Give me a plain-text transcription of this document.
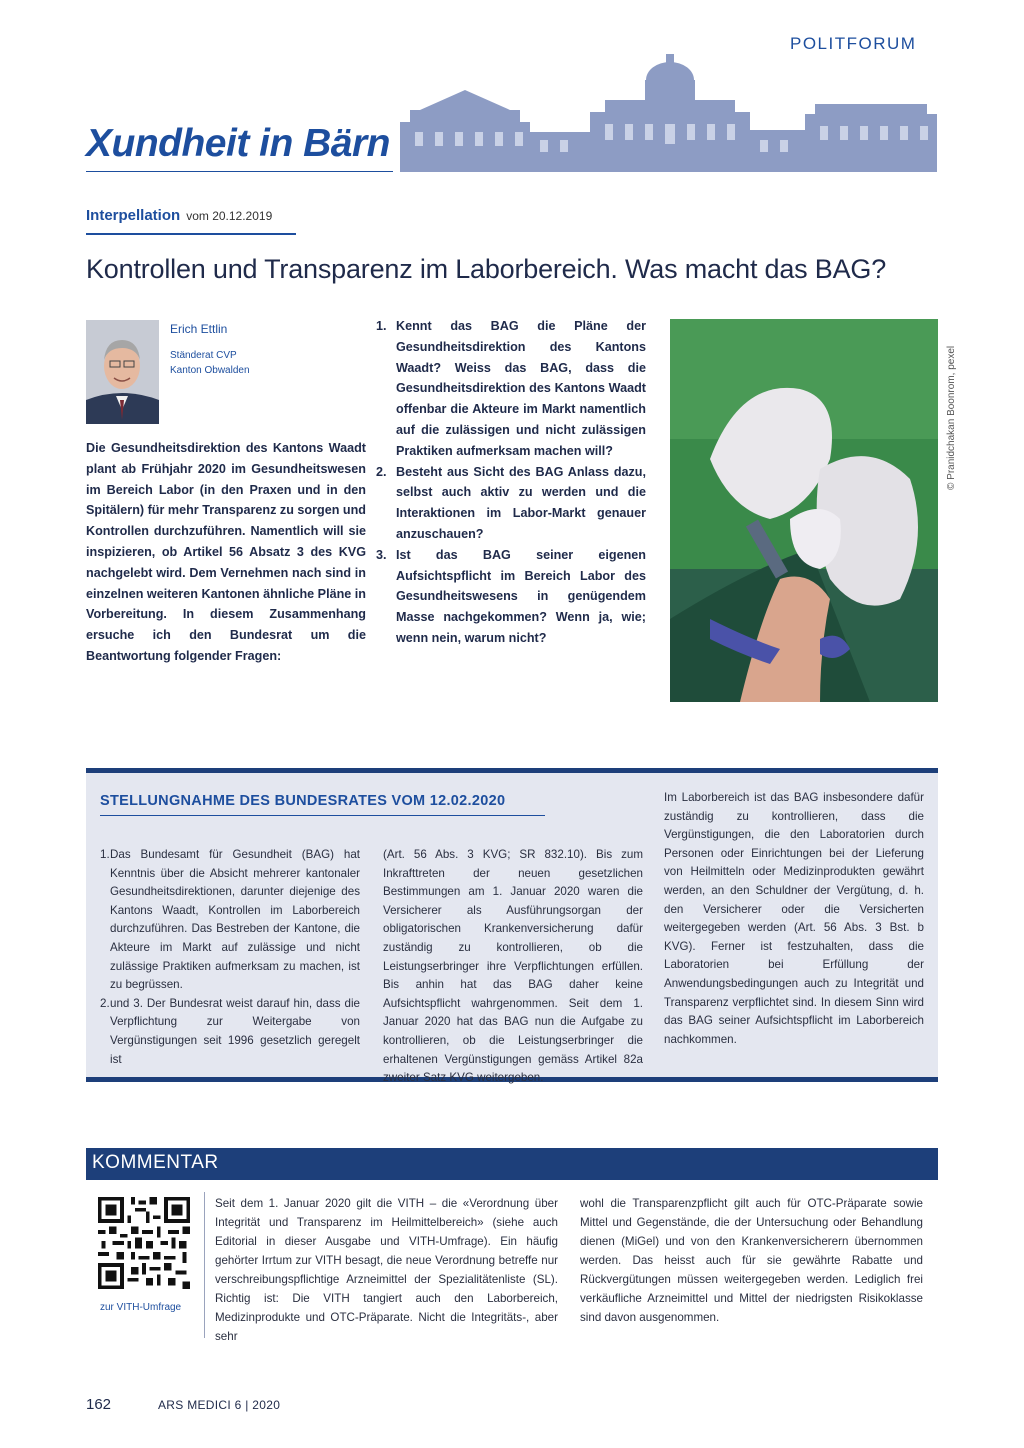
POLITFORUM
Xundheit in Bärn
Interpellation vom 20.12.2019
Kontrollen und Transparenz im Laborbereich. Was macht das BAG?
Erich Ettlin
Ständerat CVP
Kanton Obwalden

Die Gesundheitsdirektion des Kantons Waadt plant ab Frühjahr 2020 im Gesundheitswesen im Bereich Labor (in den Praxen und in den Spitälern) für mehr Transparenz zu sorgen und Kontrollen durchzuführen. Namentlich will sie inspizieren, ob Artikel 56 Absatz 3 des KVG nachgelebt wird. Dem Vernehmen nach sind in einzelnen weiteren Kantonen ähnliche Pläne in Vorbereitung. In diesem Zusammenhang ersuche ich den Bundesrat um die Beantwortung folgender Fragen:

1. Kennt das BAG die Pläne der Gesundheitsdirektion des Kantons Waadt? Weiss das BAG, dass die Gesundheitsdirektion des Kantons Waadt offenbar die Akteure im Markt namentlich auf die zulässigen und nicht zulässigen Praktiken aufmerksam machen will?
2. Besteht aus Sicht des BAG Anlass dazu, selbst auch aktiv zu werden und die Interaktionen im Labor-Markt genauer anzuschauen?
3. Ist das BAG seiner eigenen Aufsichtspflicht im Bereich Labor des Gesundheitswesens in genügendem Masse nachgekommen? Wenn ja, wie; wenn nein, warum nicht?
© Pranidchakan Boonrom, pexel
STELLUNGNAHME DES BUNDESRATES VOM 12.02.2020
1. Das Bundesamt für Gesundheit (BAG) hat Kenntnis über die Absicht mehrerer kantonaler Gesundheitsdirektionen, darunter diejenige des Kantons Waadt, Kontrollen im Laborbereich durchzuführen. Das Bestreben der Kantone, die Akteure im Markt auf zulässige und nicht zulässige Praktiken aufmerksam zu machen, ist zu begrüssen.
2. und 3. Der Bundesrat weist darauf hin, dass die Verpflichtung zur Weitergabe von Vergünstigungen seit 1996 gesetzlich geregelt ist

(Art. 56 Abs. 3 KVG; SR 832.10). Bis zum Inkrafttreten der neuen gesetzlichen Bestimmungen am 1. Januar 2020 waren die Versicherer als Ausführungsorgan der obligatorischen Krankenversicherung dafür zuständig zu kontrollieren, ob die Leistungserbringer ihre Verpflichtungen erfüllen. Bis anhin hat das BAG daher keine Aufsichtspflicht wahrgenommen. Seit dem 1. Januar 2020 hat das BAG nun die Aufgabe zu kontrollieren, ob die Leistungserbringer die erhaltenen Vergünstigungen gemäss Artikel 82a zweiter Satz KVG weitergeben.

Im Laborbereich ist das BAG insbesondere dafür zuständig zu kontrollieren, dass die Vergünstigungen, die den Laboratorien durch Personen oder Einrichtungen bei der Lieferung von Heilmitteln oder Medizinprodukten gewährt werden, an den Schuldner der Vergütung, d. h. den Versicherer oder die Versicherten weitergegeben werden (Art. 56 Abs. 3 Bst. b KVG). Ferner ist festzuhalten, dass die Laboratorien bei Erfüllung der Anwendungsbedingungen auch zu Integrität und Transparenz verpflichtet sind. In diesem Sinn wird das BAG seiner Aufsichtspflicht im Laborbereich nachkommen.

KOMMENTAR
zur VITH-Umfrage

Seit dem 1. Januar 2020 gilt die VITH – die «Verordnung über Integrität und Transparenz im Heilmittelbereich» (siehe auch Editorial in dieser Ausgabe und VITH-Umfrage). Ein häufig gehörter Irrtum zur VITH besagt, die neue Verordnung betreffe nur verschreibungspflichtige Arzneimittel der Spezialitätenliste (SL). Richtig ist: Die VITH tangiert auch den Laborbereich, Medizinprodukte und OTC-Präparate. Nicht die Integritäts-, aber sehr

wohl die Transparenzpflicht gilt auch für OTC-Präparate sowie Mittel und Gegenstände, die der Untersuchung oder Behandlung dienen (MiGel) und von den Krankenversicherern übernommen werden. Das heisst auch für sie gewährte Rabatte und Rückvergütungen müssen weitergegeben werden. Lediglich frei verkäufliche Arzneimittel und Mittel der niedrigsten Risikoklasse sind davon ausgenommen.

162	ARS MEDICI 6 | 2020
